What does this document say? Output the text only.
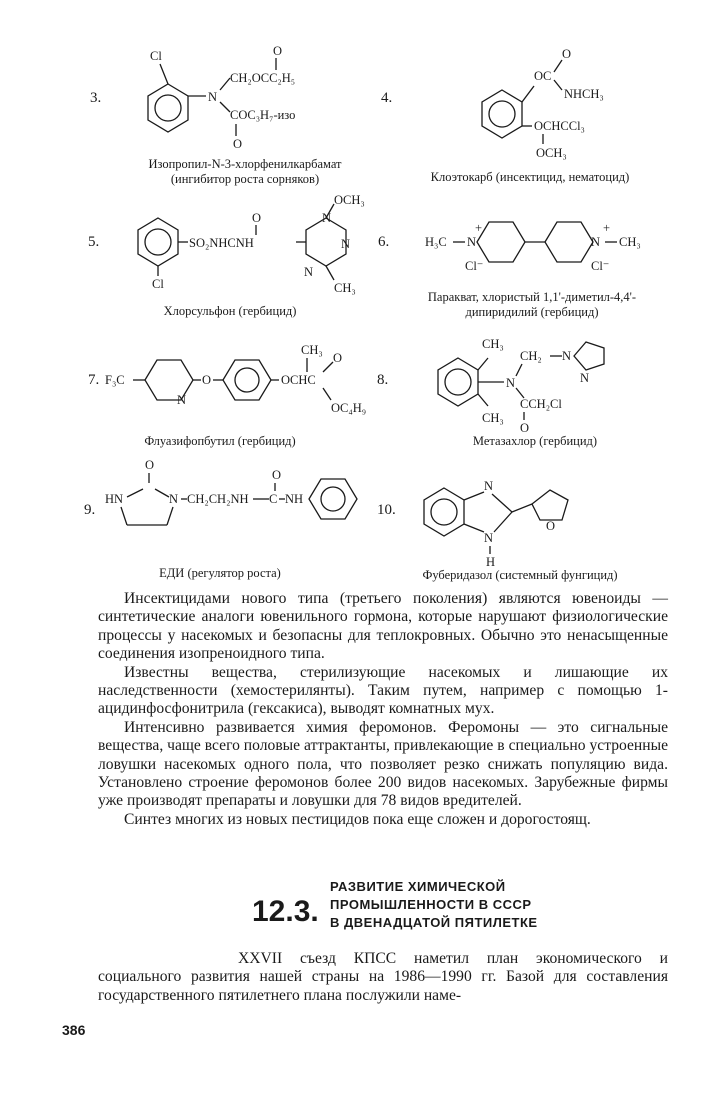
3.
Cl
N
CH₂OCC₂H₅
O
COC₃H₇-изо
O
Изопропил-N-3-хлорфенилкарбамат
(ингибитор роста сорняков)
4.
OC
O
NHCH₃
OCHCCl₃
OCH₃
Клоэтокарб (инсектицид, нематоцид)
5.	SO₂NHCNH
O
Cl
N
N
N
OCH₃
CH₃
Хлорсульфон (гербицид)
6.	H₃C N
+
N
+
CH₃
Cl⁻	Cl⁻
Паракват, хлористый 1,1'-диметил-4,4'-
дипиридилий (гербицид)
7. F₃C
N
O	OCHC
CH₃
O
OC₄H₉
Флуазифопбутил (гербицид)
8.
CH₃
CH₃
N
CH₂ N
N
CCH₂Cl
O
Метазахлор (гербицид)
9.
O
HN	N CH₂CH₂NH C
O
NH
ЕДИ (регулятор роста)
10.
N
N
H
O
Фуберидазол (системный фунгицид)

Инсектицидами нового типа (третьего поколения) являются ювеноиды — синтетические аналоги ювенильного гормона, которые нарушают физиологические процессы у насекомых и безопасны для теплокровных. Обычно это ненасыщенные соединения изопреноидного типа.

Известны вещества, стерилизующие насекомых и лишающие их наследственности (хемостерилянты). Таким путем, например с помощью 1-ацидинфосфонитрила (гексакиса), выводят комнатных мух.

Интенсивно развивается химия феромонов. Феромоны — это сигнальные вещества, чаще всего половые аттрактанты, привлекающие в специально устроенные ловушки насекомых одного пола, что позволяет резко снижать популяцию вида. Установлено строение феромонов более 200 видов насекомых. Зарубежные фирмы уже производят препараты и ловушки для 78 видов вредителей.

Синтез многих из новых пестицидов пока еще сложен и дорогостоящ.

12.3.
РАЗВИТИЕ ХИМИЧЕСКОЙ
ПРОМЫШЛЕННОСТИ В СССР
В ДВЕНАДЦАТОЙ ПЯТИЛЕТКЕ

XXVII съезд КПСС наметил план экономического и социального развития нашей страны на 1986—1990 гг. Базой для составления государственного пятилетнего плана послужили наме-

386
